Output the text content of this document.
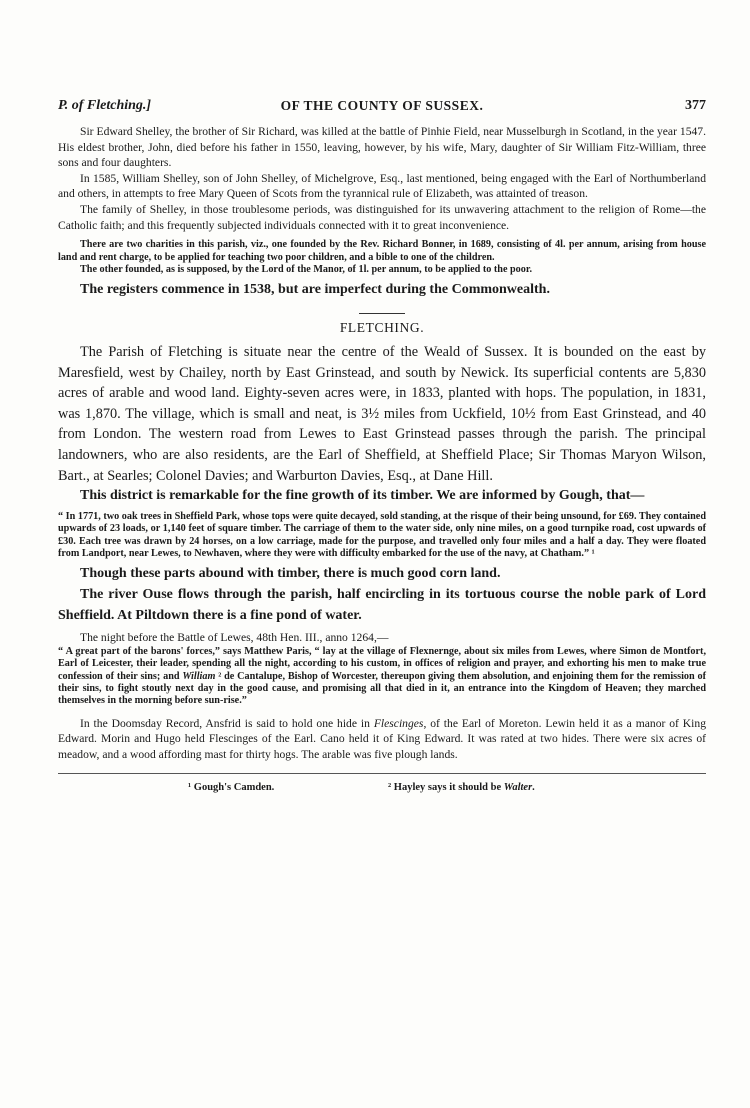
P. of Fletching.]	OF THE COUNTY OF SUSSEX.	377

Sir Edward Shelley, the brother of Sir Richard, was killed at the battle of Pinhie Field, near Musselburgh in Scotland, in the year 1547. His eldest brother, John, died before his father in 1550, leaving, however, by his wife, Mary, daughter of Sir William Fitz-William, three sons and four daughters.

In 1585, William Shelley, son of John Shelley, of Michelgrove, Esq., last mentioned, being engaged with the Earl of Northumberland and others, in attempts to free Mary Queen of Scots from the tyrannical rule of Elizabeth, was attainted of treason.

The family of Shelley, in those troublesome periods, was distinguished for its unwavering attachment to the religion of Rome—the Catholic faith; and this frequently subjected individuals connected with it to great inconvenience.

There are two charities in this parish, viz., one founded by the Rev. Richard Bonner, in 1689, consisting of 4l. per annum, arising from house land and rent charge, to be applied for teaching two poor children, and a bible to one of the children.

The other founded, as is supposed, by the Lord of the Manor, of 1l. per annum, to be applied to the poor.

The registers commence in 1538, but are imperfect during the Commonwealth.

FLETCHING.

The Parish of Fletching is situate near the centre of the Weald of Sussex. It is bounded on the east by Maresfield, west by Chailey, north by East Grinstead, and south by Newick. Its superficial contents are 5,830 acres of arable and wood land. Eighty-seven acres were, in 1833, planted with hops. The population, in 1831, was 1,870. The village, which is small and neat, is 3½ miles from Uckfield, 10½ from East Grinstead, and 40 from London. The western road from Lewes to East Grinstead passes through the parish. The principal landowners, who are also residents, are the Earl of Sheffield, at Sheffield Place; Sir Thomas Maryon Wilson, Bart., at Searles; Colonel Davies; and Warburton Davies, Esq., at Dane Hill.

This district is remarkable for the fine growth of its timber. We are informed by Gough, that—

“ In 1771, two oak trees in Sheffield Park, whose tops were quite decayed, sold standing, at the risque of their being unsound, for £69. They contained upwards of 23 loads, or 1,140 feet of square timber. The carriage of them to the water side, only nine miles, on a good turnpike road, cost upwards of £30. Each tree was drawn by 24 horses, on a low carriage, made for the purpose, and travelled only four miles and a half a day. They were floated from Landport, near Lewes, to Newhaven, where they were with difficulty embarked for the use of the navy, at Chatham.” ¹

Though these parts abound with timber, there is much good corn land.

The river Ouse flows through the parish, half encircling in its tortuous course the noble park of Lord Sheffield. At Piltdown there is a fine pond of water.

The night before the Battle of Lewes, 48th Hen. III., anno 1264,—

“ A great part of the barons' forces,” says Matthew Paris, “ lay at the village of Flexnernge, about six miles from Lewes, where Simon de Montfort, Earl of Leicester, their leader, spending all the night, according to his custom, in offices of religion and prayer, and exhorting his men to make true confession of their sins; and William ² de Cantalupe, Bishop of Worcester, thereupon giving them absolution, and enjoining them for the remission of their sins, to fight stoutly next day in the good cause, and promising all that died in it, an entrance into the Kingdom of Heaven; they marched themselves in the morning before sun-rise.”

In the Doomsday Record, Ansfrid is said to hold one hide in Flescinges, of the Earl of Moreton. Lewin held it as a manor of King Edward. Morin and Hugo held Flescinges of the Earl. Cano held it of King Edward. It was rated at two hides. There were six acres of meadow, and a wood affording mast for thirty hogs. The arable was five plough lands.

¹ Gough's Camden.	² Hayley says it should be Walter.
